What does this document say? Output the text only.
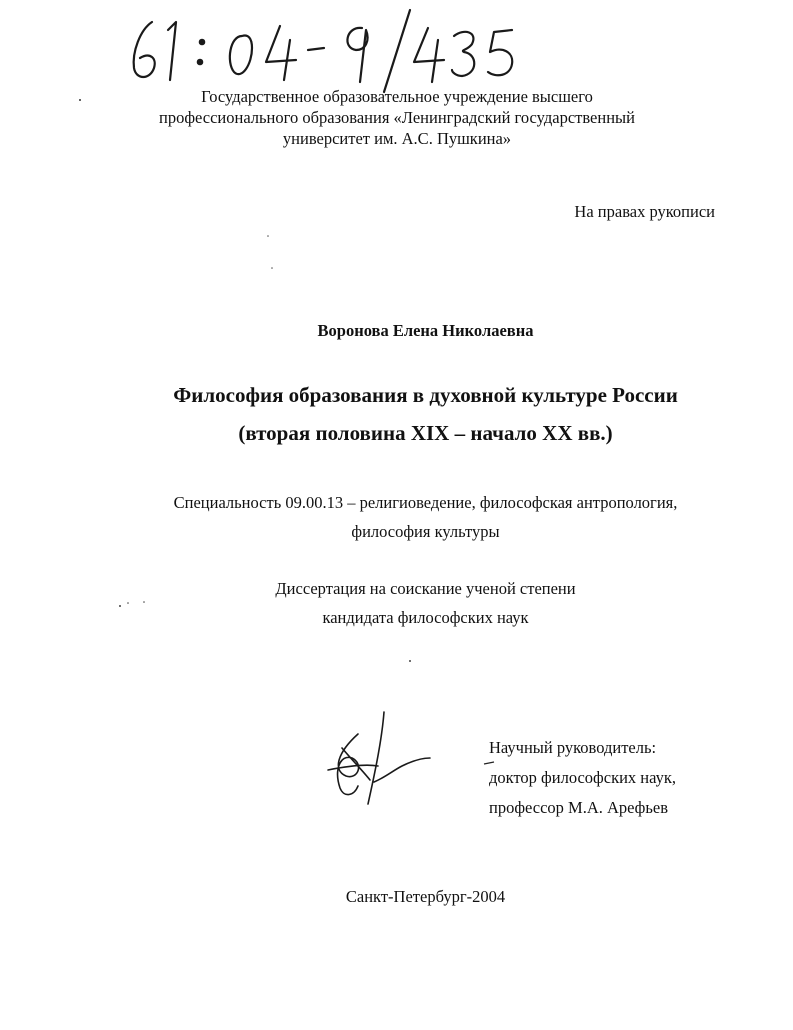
Государственное образовательное учреждение высшего
профессионального образования «Ленинградский государственный
университет им. А.С. Пушкина»
На правах рукописи
Воронова Елена Николаевна
Философия образования в духовной культуре России
(вторая половина XIX – начало XX вв.)
Специальность 09.00.13 – религиоведение, философская антропология,
философия культуры
Диссертация на соискание ученой степени
кандидата философских наук
Научный руководитель:
доктор философских наук,
профессор М.А. Арефьев
Санкт-Петербург-2004
